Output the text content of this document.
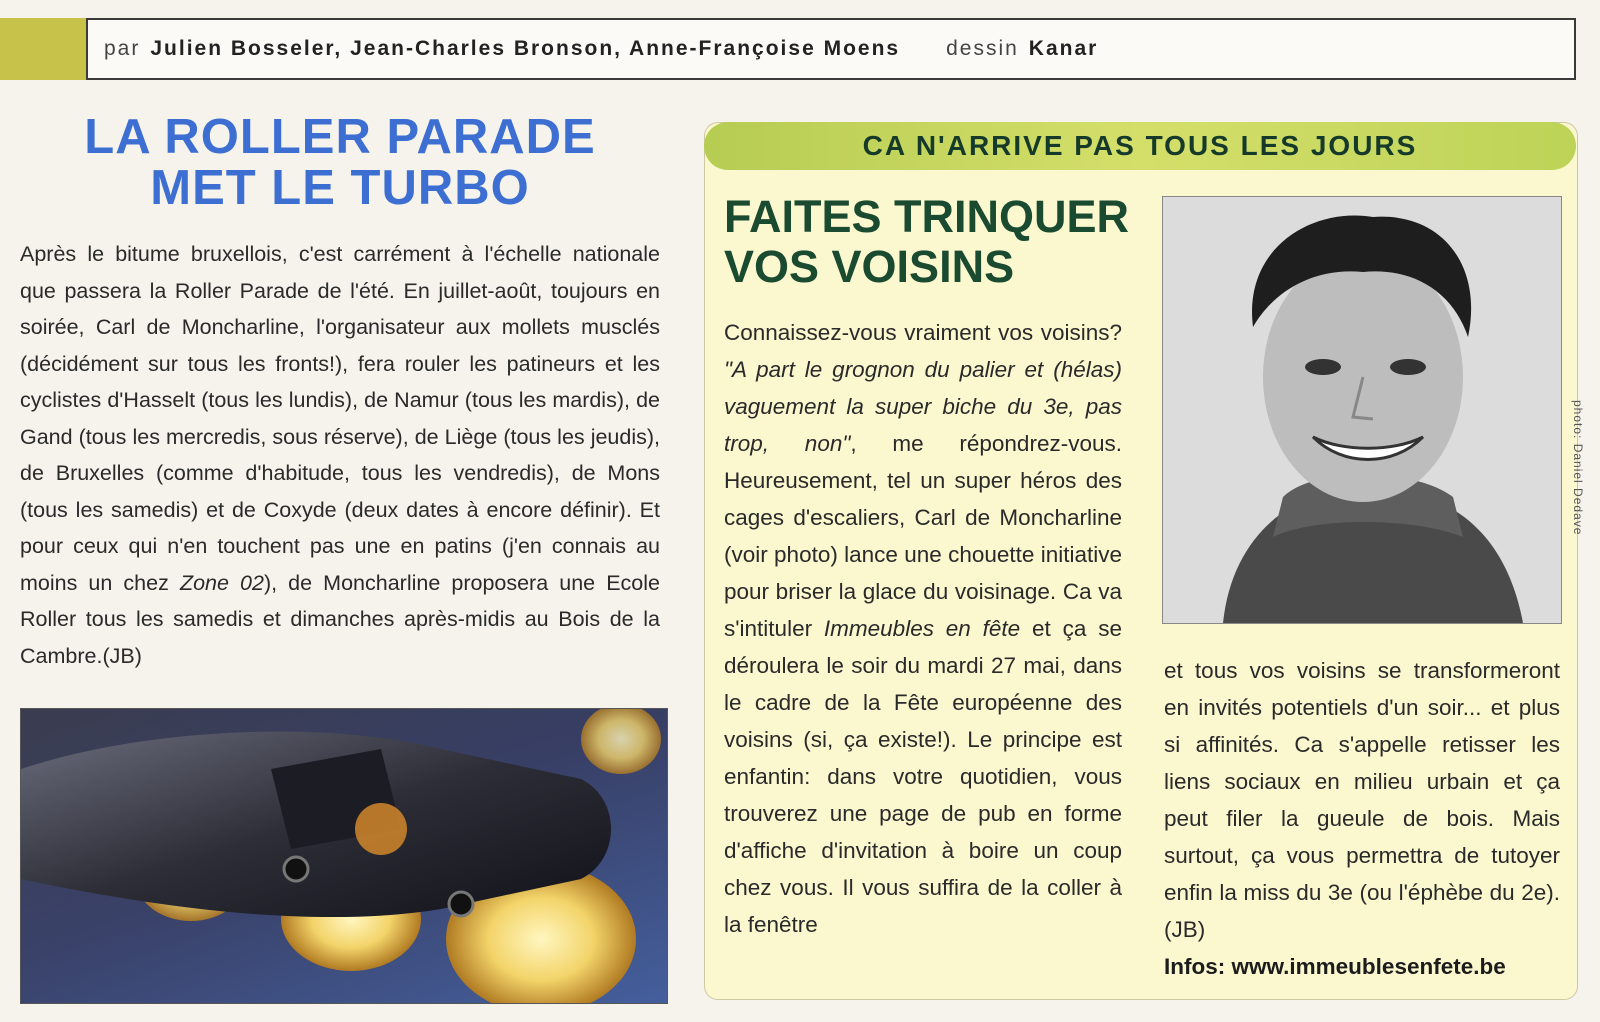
par Julien Bosseler, Jean-Charles Bronson, Anne-Françoise Moens dessin Kanar
LA ROLLER PARADE
MET LE TURBO
Après le bitume bruxellois, c'est carrément à l'échelle nationale que passera la Roller Parade de l'été. En juillet-août, toujours en soirée, Carl de Moncharline, l'organisateur aux mollets musclés (décidément sur tous les fronts!), fera rouler les patineurs et les cyclistes d'Hasselt (tous les lundis), de Namur (tous les mardis), de Gand (tous les mercredis, sous réserve), de Liège (tous les jeudis), de Bruxelles (comme d'habitude, tous les vendredis), de Mons (tous les samedis) et de Coxyde (deux dates à encore définir). Et pour ceux qui n'en touchent pas une en patins (j'en connais au moins un chez Zone 02), de Moncharline proposera une Ecole Roller tous les samedis et dimanches après-midis au Bois de la Cambre.(JB)
CA N'ARRIVE PAS TOUS LES JOURS
FAITES TRINQUER
VOS VOISINS
photo: Daniel Dedave
Connaissez-vous vraiment vos voisins? "A part le grognon du palier et (hélas) vaguement la super biche du 3e, pas trop, non", me répondrez-vous. Heureusement, tel un super héros des cages d'escaliers, Carl de Moncharline (voir photo) lance une chouette initiative pour briser la glace du voisinage. Ca va s'intituler Immeubles en fête et ça se déroulera le soir du mardi 27 mai, dans le cadre de la Fête européenne des voisins (si, ça existe!). Le principe est enfantin: dans votre quotidien, vous trouverez une page de pub en forme d'affiche d'invitation à boire un coup chez vous. Il vous suffira de la coller à la fenêtre
et tous vos voisins se transformeront en invités potentiels d'un soir... et plus si affinités. Ca s'appelle retisser les liens sociaux en milieu urbain et ça peut filer la gueule de bois. Mais surtout, ça vous permettra de tutoyer enfin la miss du 3e (ou l'éphèbe du 2e). (JB)
Infos: www.immeublesenfete.be
